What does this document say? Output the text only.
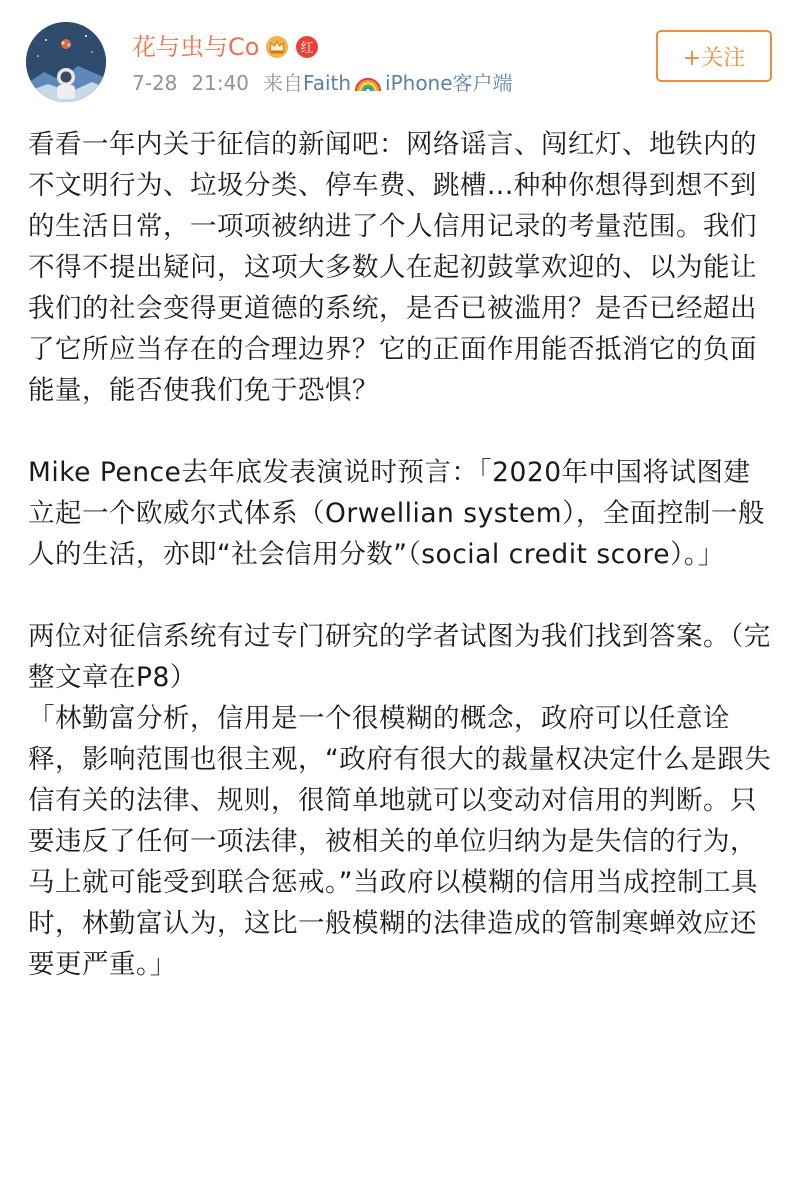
花与虫与Co	红
7-28 21:40 来自 Faith iPhone客户端
+关注

看看一年内关于征信的新闻吧：网络谣言、闯红灯、地铁内的不文明行为、垃圾分类、停车费、跳槽...种种你想得到想不到的生活日常，一项项被纳进了个人信用记录的考量范围。我们不得不提出疑问，这项大多数人在起初鼓掌欢迎的、以为能让我们的社会变得更道德的系统，是否已被滥用？是否已经超出了它所应当存在的合理边界？它的正面作用能否抵消它的负面能量，能否使我们免于恐惧？

Mike Pence去年底发表演说时预言：「2020年中国将试图建立起一个欧威尔式体系（Orwellian system），全面控制一般人的生活，亦即“社会信用分数”（social credit score）。」

两位对征信系统有过专门研究的学者试图为我们找到答案。（完整文章在P8）

「林勤富分析，信用是一个很模糊的概念，政府可以任意诠释，影响范围也很主观，“政府有很大的裁量权决定什么是跟失信有关的法律、规则，很简单地就可以变动对信用的判断。只要违反了任何一项法律，被相关的单位归纳为是失信的行为，马上就可能受到联合惩戒。”当政府以模糊的信用当成控制工具时，林勤富认为，这比一般模糊的法律造成的管制寒蝉效应还要更严重。」
